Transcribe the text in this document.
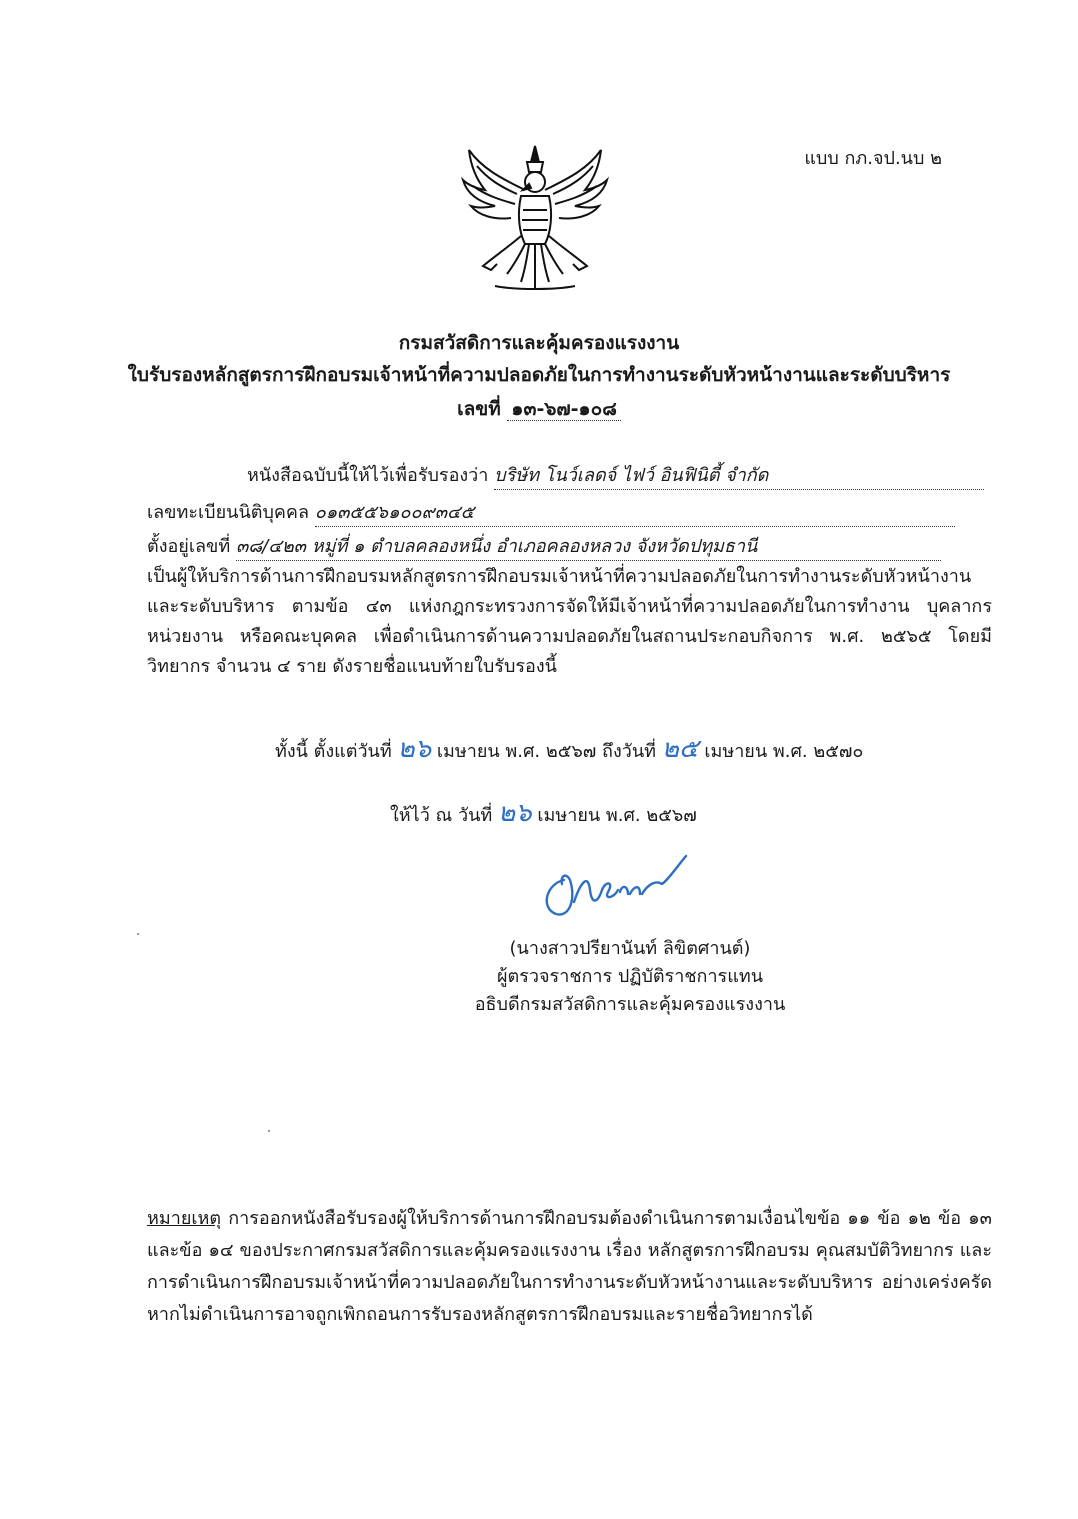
แบบ กภ.จป.นบ ๒
กรมสวัสดิการและคุ้มครองแรงงาน
ใบรับรองหลักสูตรการฝึกอบรมเจ้าหน้าที่ความปลอดภัยในการทำงานระดับหัวหน้างานและระดับบริหาร
เลขที่ ๑๓-๖๗-๑๐๘
หนังสือฉบับนี้ให้ไว้เพื่อรับรองว่า บริษัท โนว์เลดจ์ ไฟว์ อินฟินิตี้ จำกัด
เลขทะเบียนนิติบุคคล ๐๑๓๕๕๖๑๐๐๙๓๔๕
ตั้งอยู่เลขที่ ๓๘/๔๒๓ หมู่ที่ ๑ ตำบลคลองหนึ่ง อำเภอคลองหลวง จังหวัดปทุมธานี
เป็นผู้ให้บริการด้านการฝึกอบรมหลักสูตรการฝึกอบรมเจ้าหน้าที่ความปลอดภัยในการทำงานระดับหัวหน้างาน และระดับบริหาร ตามข้อ ๔๓ แห่งกฎกระทรวงการจัดให้มีเจ้าหน้าที่ความปลอดภัยในการทำงาน บุคลากร หน่วยงาน หรือคณะบุคคล เพื่อดำเนินการด้านความปลอดภัยในสถานประกอบกิจการ พ.ศ. ๒๕๖๕ โดยมีวิทยากร จำนวน ๔ ราย ดังรายชื่อแนบท้ายใบรับรองนี้
ทั้งนี้ ตั้งแต่วันที่ ๒๖ เมษายน พ.ศ. ๒๕๖๗ ถึงวันที่ ๒๕ เมษายน พ.ศ. ๒๕๗๐
ให้ไว้ ณ วันที่ ๒๖ เมษายน พ.ศ. ๒๕๖๗
(นางสาวปรียานันท์ ลิขิตศานต์)
ผู้ตรวจราชการ ปฏิบัติราชการแทน
อธิบดีกรมสวัสดิการและคุ้มครองแรงงาน
หมายเหตุ การออกหนังสือรับรองผู้ให้บริการด้านการฝึกอบรมต้องดำเนินการตามเงื่อนไขข้อ ๑๑ ข้อ ๑๒ ข้อ ๑๓ และข้อ ๑๔ ของประกาศกรมสวัสดิการและคุ้มครองแรงงาน เรื่อง หลักสูตรการฝึกอบรม คุณสมบัติวิทยากร และการดำเนินการฝึกอบรมเจ้าหน้าที่ความปลอดภัยในการทำงานระดับหัวหน้างานและระดับบริหาร อย่างเคร่งครัด หากไม่ดำเนินการอาจถูกเพิกถอนการรับรองหลักสูตรการฝึกอบรมและรายชื่อวิทยากรได้
